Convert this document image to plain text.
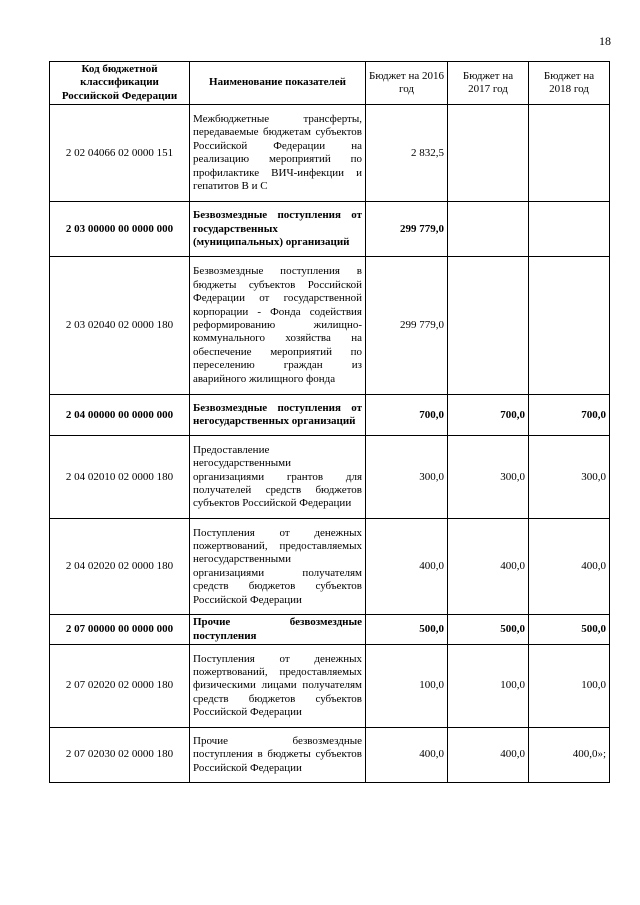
18
Код бюджетной классификации Российской Федерации	Наименование показателей	Бюджет на 2016 год	Бюджет на 2017 год	Бюджет на 2018 год
2 02 04066 02 0000 151	Межбюджетные трансферты, передаваемые бюджетам субъектов Российской Федерации на реализацию мероприятий по профилактике ВИЧ-инфекции и гепатитов B и C	2 832,5		
2 03 00000 00 0000 000	Безвозмездные поступления от государственных (муниципальных) организаций	299 779,0		
2 03 02040 02 0000 180	Безвозмездные поступления в бюджеты субъектов Российской Федерации от государственной корпорации - Фонда содействия реформированию жилищно-коммунального хозяйства на обеспечение мероприятий по переселению граждан из аварийного жилищного фонда	299 779,0		
2 04 00000 00 0000 000	Безвозмездные поступления от негосударственных организаций	700,0	700,0	700,0
2 04 02010 02 0000 180	Предоставление негосударственными организациями грантов для получателей средств бюджетов субъектов Российской Федерации	300,0	300,0	300,0
2 04 02020 02 0000 180	Поступления от денежных пожертвований, предоставляемых негосударственными организациями получателям средств бюджетов субъектов Российской Федерации	400,0	400,0	400,0
2 07 00000 00 0000 000	Прочие безвозмездные поступления	500,0	500,0	500,0
2 07 02020 02 0000 180	Поступления от денежных пожертвований, предоставляемых физическими лицами получателям средств бюджетов субъектов Российской Федерации	100,0	100,0	100,0
2 07 02030 02 0000 180	Прочие безвозмездные поступления в бюджеты субъектов Российской Федерации	400,0	400,0	400,0»;
